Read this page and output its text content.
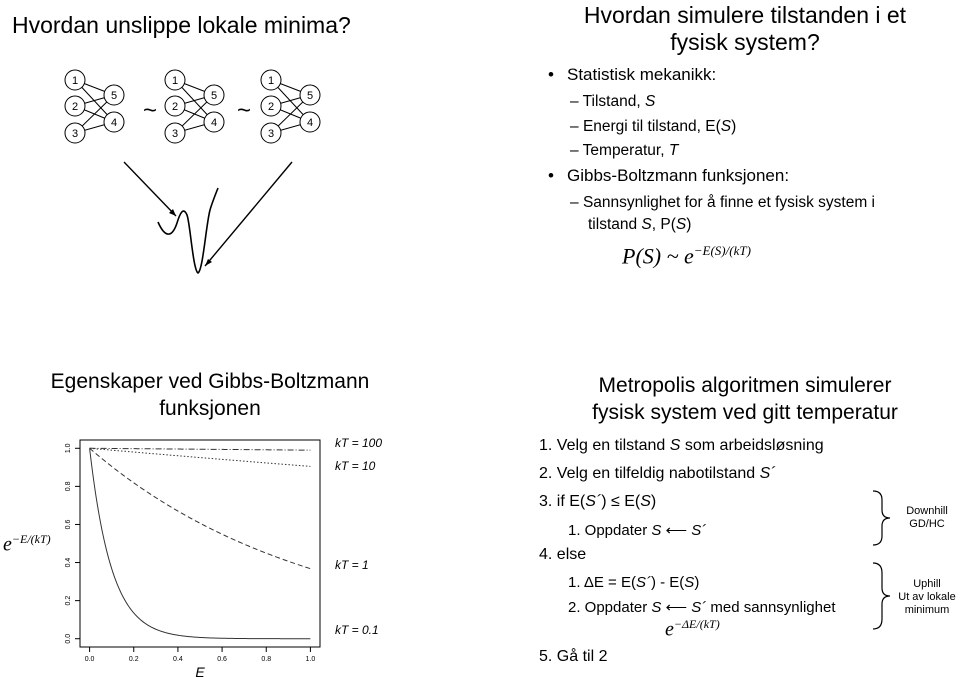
Hvordan unslippe lokale minima?
1
2
3
5
4
1
2
3
5
4
1
2
3
5
4
~	~
Hvordan simulere tilstanden i et
fysisk system?
• Statistisk mekanikk:
– Tilstand, S
– Energi til tilstand, E(S)
– Temperatur, T
• Gibbs-Boltzmann funksjonen:
– Sannsynlighet for å finne et fysisk system i
tilstand S, P(S)
P(S) ~ $e^{-E(S)/(kT)}$
Egenskaper ved Gibbs-Boltzmann
funksjonen
$e^{-E/(kT)}$
0.0	0.2	0.4	0.6	0.8	1.0
0.0
0.2
0.4
0.6
0.8
1.0	kT = 100
kT = 10
kT = 1
kT = 0.1
E
Metropolis algoritmen simulerer
fysisk system ved gitt temperatur
1. Velg en tilstand S som arbeidsløsning
2. Velg en tilfeldig nabotilstand S´
3. if E(S´) ≤ E(S)
1. Oppdater S ⟵ S´
4. else
1. ΔE = E(S´) - E(S)
2. Oppdater S ⟵ S´ med sannsynlighet
$e^{-\Delta E/(kT)}$
5. Gå til 2
Downhill
GD/HC
Uphill
Ut av lokale
minimum
